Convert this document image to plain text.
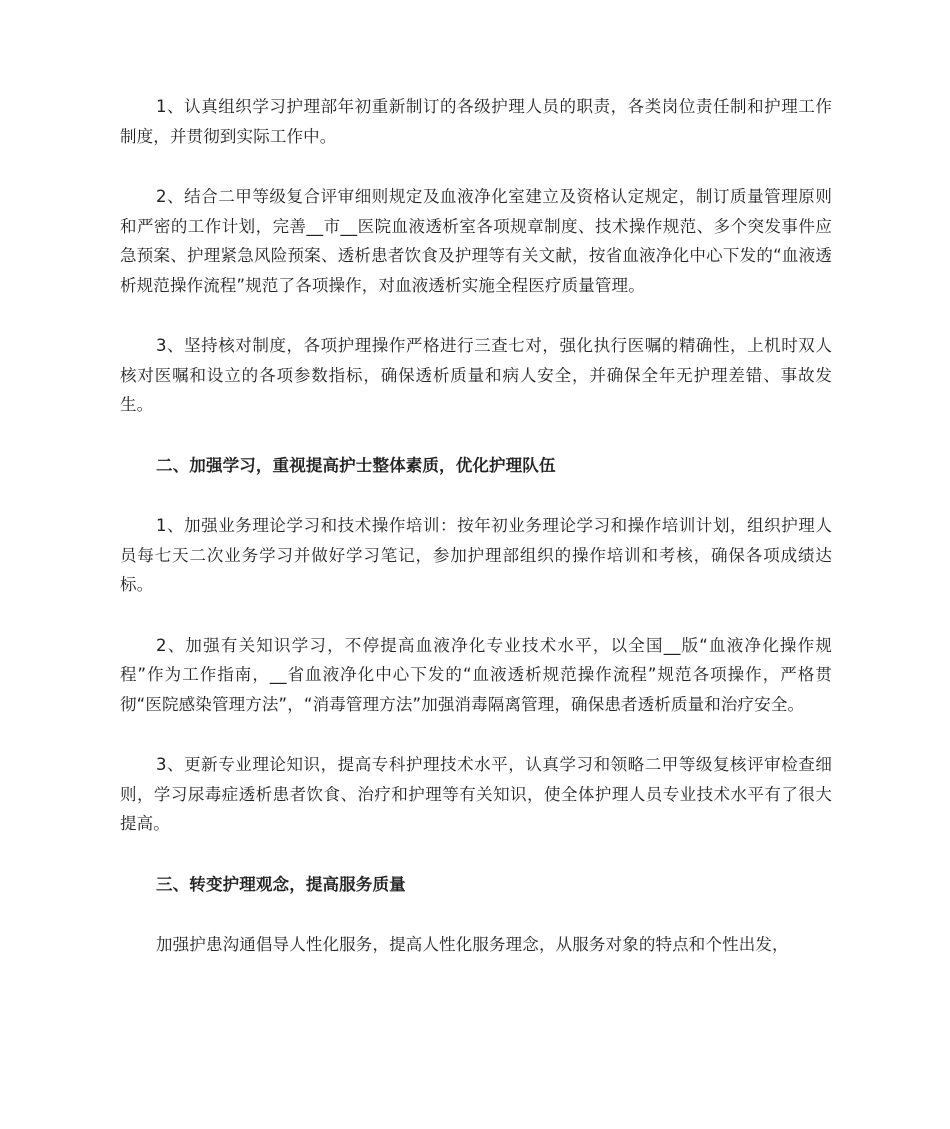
1、认真组织学习护理部年初重新制订的各级护理人员的职责，各类岗位责任制和护理工作制度，并贯彻到实际工作中。

2、结合二甲等级复合评审细则规定及血液净化室建立及资格认定规定，制订质量管理原则和严密的工作计划，完善__市__医院血液透析室各项规章制度、技术操作规范、多个突发事件应急预案、护理紧急风险预案、透析患者饮食及护理等有关文献，按省血液净化中心下发的“血液透析规范操作流程”规范了各项操作，对血液透析实施全程医疗质量管理。

3、坚持核对制度，各项护理操作严格进行三查七对，强化执行医嘱的精确性，上机时双人核对医嘱和设立的各项参数指标，确保透析质量和病人安全，并确保全年无护理差错、事故发生。

二、加强学习，重视提高护士整体素质，优化护理队伍

1、加强业务理论学习和技术操作培训：按年初业务理论学习和操作培训计划，组织护理人员每七天二次业务学习并做好学习笔记，参加护理部组织的操作培训和考核，确保各项成绩达标。

2、加强有关知识学习，不停提高血液净化专业技术水平，以全国__版“血液净化操作规程”作为工作指南，__省血液净化中心下发的“血液透析规范操作流程”规范各项操作，严格贯彻“医院感染管理方法”，“消毒管理方法”加强消毒隔离管理，确保患者透析质量和治疗安全。

3、更新专业理论知识，提高专科护理技术水平，认真学习和领略二甲等级复核评审检查细则，学习尿毒症透析患者饮食、治疗和护理等有关知识，使全体护理人员专业技术水平有了很大提高。

三、转变护理观念，提高服务质量

加强护患沟通倡导人性化服务，提高人性化服务理念，从服务对象的特点和个性出发，
